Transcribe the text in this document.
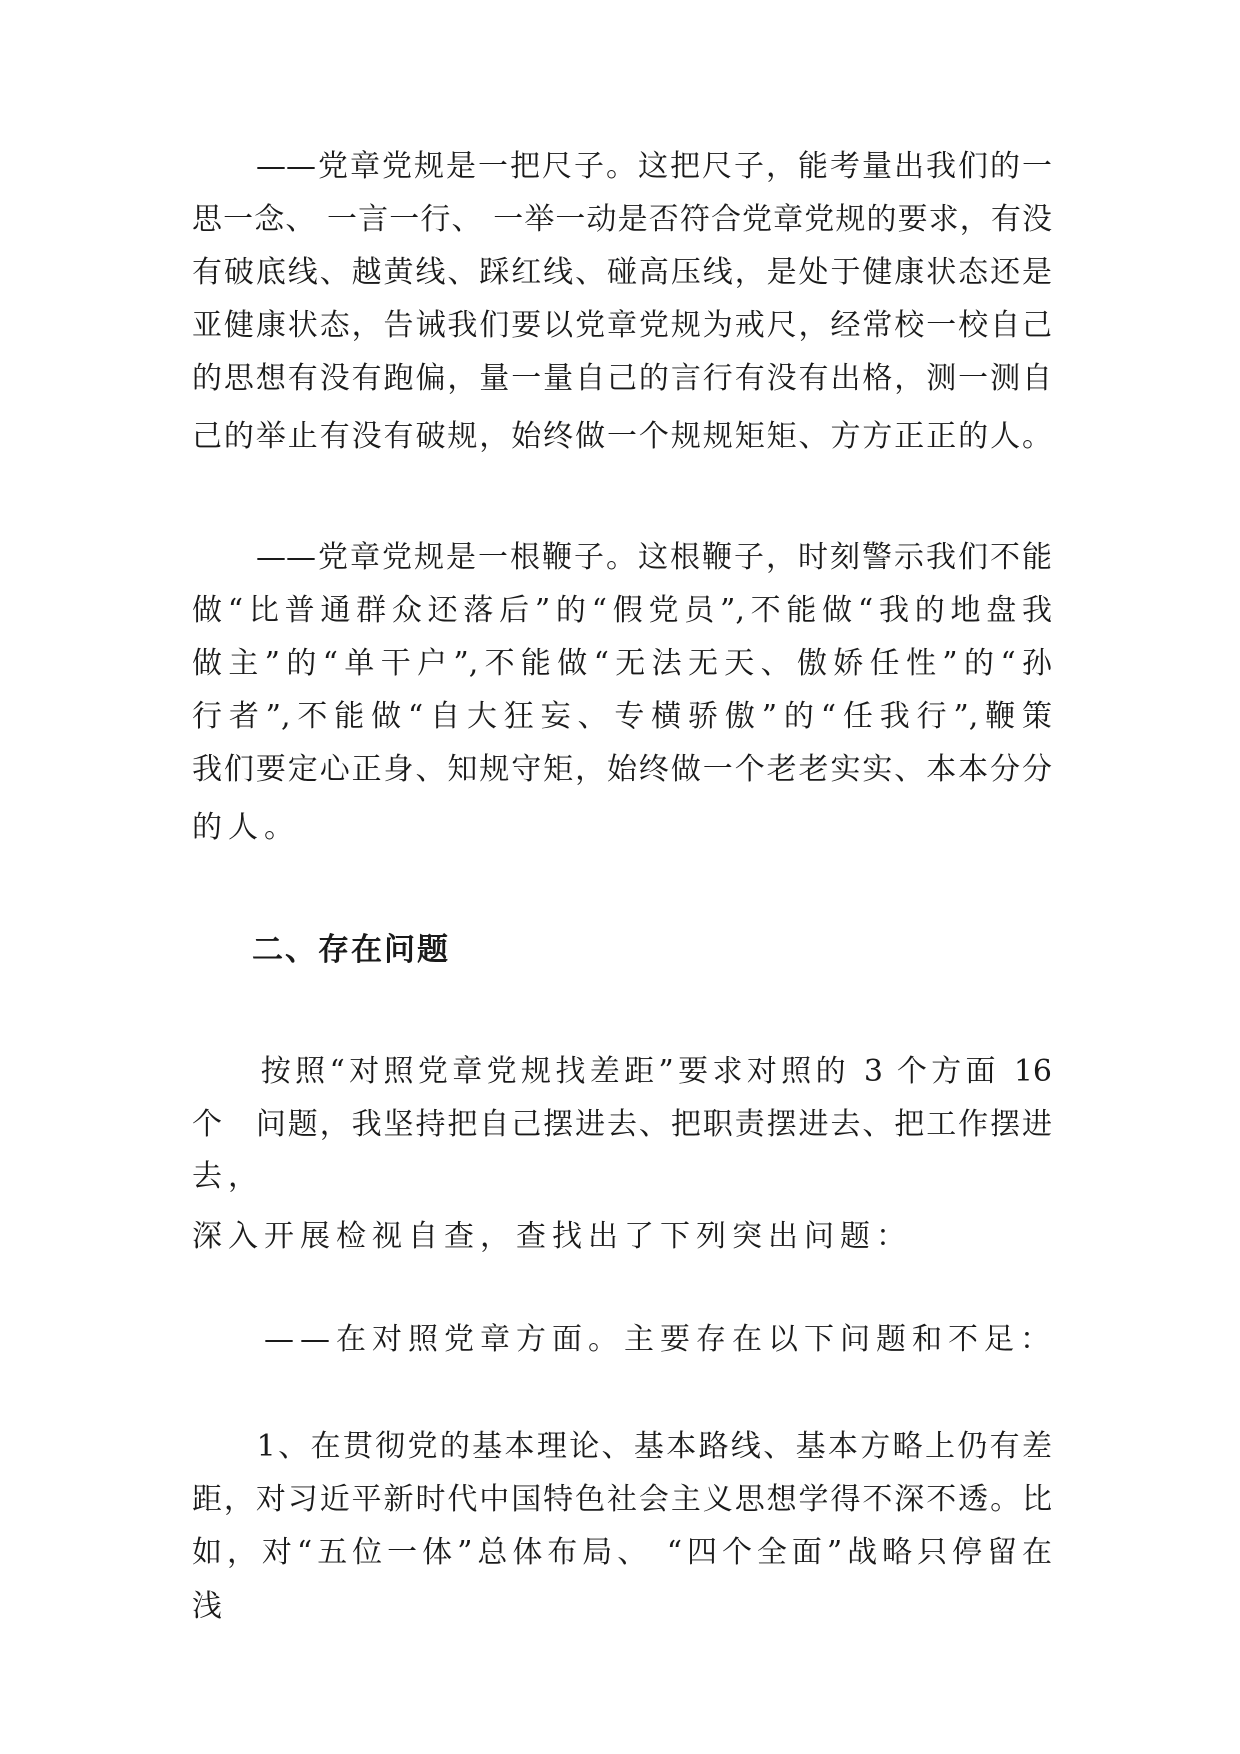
　　——党章党规是一把尺子。这把尺子，能考量出我们的一
思一念、 一言一行、 一举一动是否符合党章党规的要求，有没
有破底线、越黄线、踩红线、碰高压线，是处于健康状态还是
亚健康状态，告诫我们要以党章党规为戒尺，经常校一校自己
的思想有没有跑偏，量一量自己的言行有没有出格，测一测自
己的举止有没有破规，始终做一个规规矩矩、方方正正的人。
　　——党章党规是一根鞭子。这根鞭子，时刻警示我们不能
做“比普通群众还落后”的“假党员”,不能做“我的地盘我
做主”的“单干户”,不能做“无法无天、傲娇任性”的“孙
行者”,不能做“自大狂妄、专横骄傲”的“任我行”,鞭策
我们要定心正身、知规守矩，始终做一个老老实实、本本分分
的人。
二、存在问题
　　按照“对照党章党规找差距”要求对照的 3 个方面 16
个　问题，我坚持把自己摆进去、把职责摆进去、把工作摆进
去，
深入开展检视自查，查找出了下列突出问题：
　　——在对照党章方面。主要存在以下问题和不足：
　　1、在贯彻党的基本理论、基本路线、基本方略上仍有差
距，对习近平新时代中国特色社会主义思想学得不深不透。比
如，对“五位一体”总体布局、 “四个全面”战略只停留在
浅
